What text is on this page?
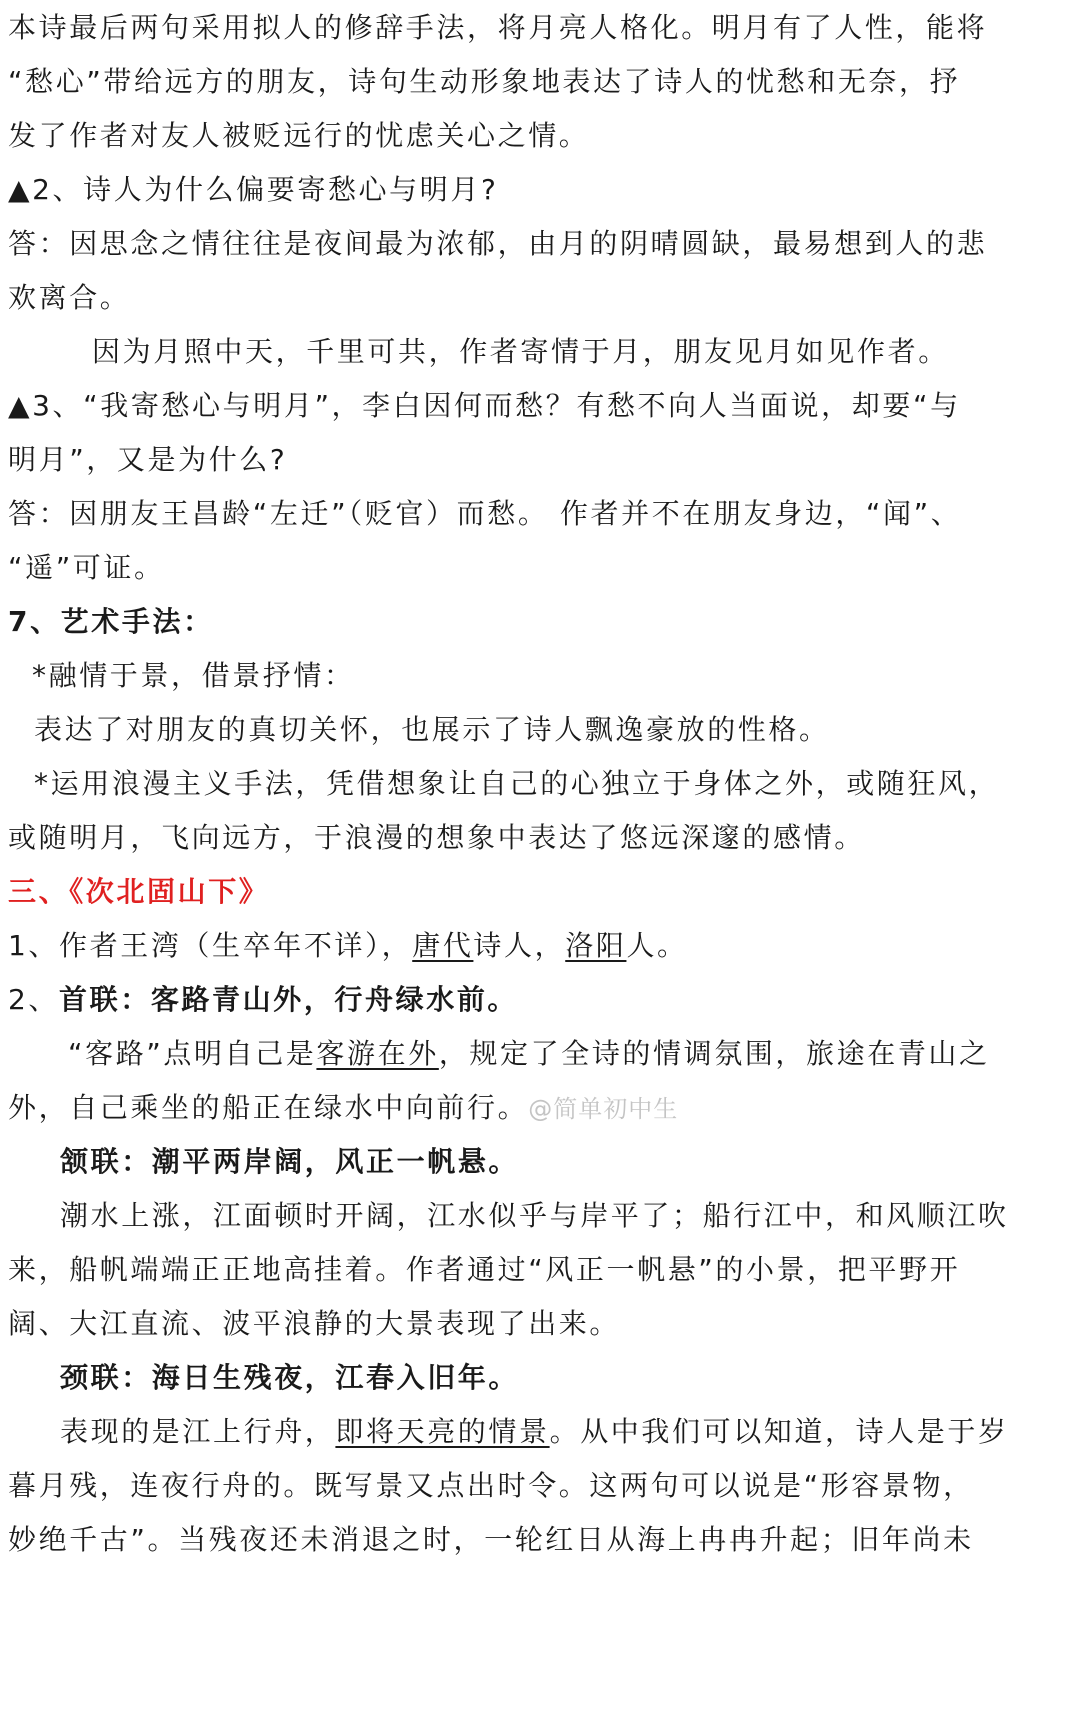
本诗最后两句采用拟人的修辞手法，将月亮人格化。明月有了人性，能将
“愁心”带给远方的朋友，诗句生动形象地表达了诗人的忧愁和无奈，抒
发了作者对友人被贬远行的忧虑关心之情。
▲2、诗人为什么偏要寄愁心与明月?
答：因思念之情往往是夜间最为浓郁，由月的阴晴圆缺，最易想到人的悲
欢离合。
因为月照中天，千里可共，作者寄情于月，朋友见月如见作者。
▲3、“我寄愁心与明月”，李白因何而愁？有愁不向人当面说，却要“与
明月”，又是为什么?
答：因朋友王昌龄“左迁”（贬官）而愁。 作者并不在朋友身边，“闻”、
“遥”可证。
7、艺术手法：
*融情于景，借景抒情：
表达了对朋友的真切关怀，也展示了诗人飘逸豪放的性格。
*运用浪漫主义手法，凭借想象让自己的心独立于身体之外，或随狂风，
或随明月，飞向远方，于浪漫的想象中表达了悠远深邃的感情。
三、《次北固山下》
1、作者王湾（生卒年不详），唐代诗人，洛阳人。
2、首联：客路青山外，行舟绿水前。
“客路”点明自己是客游在外，规定了全诗的情调氛围，旅途在青山之
外，自己乘坐的船正在绿水中向前行。@简单初中生
颔联：潮平两岸阔，风正一帆悬。
潮水上涨，江面顿时开阔，江水似乎与岸平了；船行江中，和风顺江吹
来，船帆端端正正地高挂着。作者通过“风正一帆悬”的小景，把平野开
阔、大江直流、波平浪静的大景表现了出来。
颈联：海日生残夜，江春入旧年。
表现的是江上行舟，即将天亮的情景。从中我们可以知道，诗人是于岁
暮月残，连夜行舟的。既写景又点出时令。这两句可以说是“形容景物，
妙绝千古”。当残夜还未消退之时，一轮红日从海上冉冉升起；旧年尚未
